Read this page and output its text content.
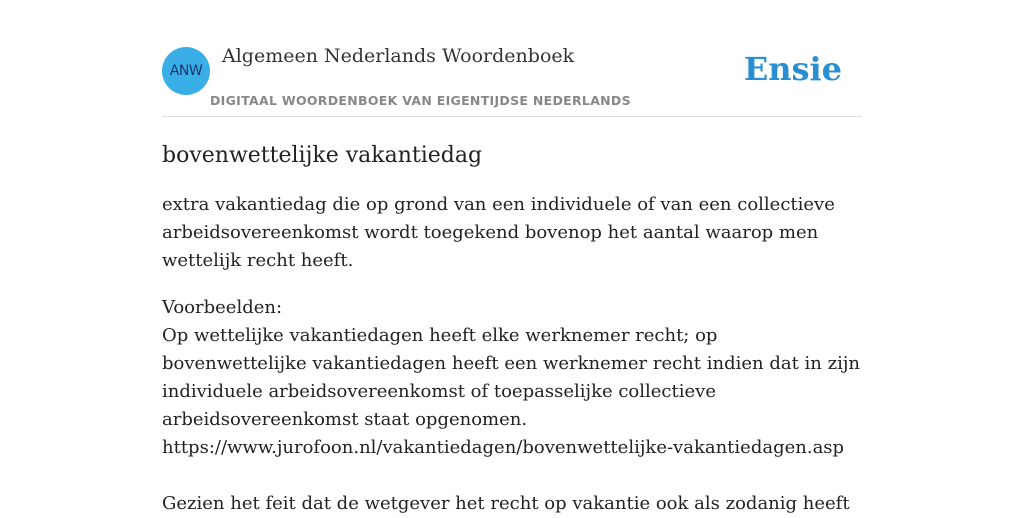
ANW
Algemeen Nederlands Woordenboek
DIGITAAL WOORDENBOEK VAN EIGENTIJDSE NEDERLANDS
Ensie
bovenwettelijke vakantiedag
extra vakantiedag die op grond van een individuele of van een collectieve arbeidsovereenkomst wordt toegekend bovenop het aantal waarop men wettelijk recht heeft.
Voorbeelden:
Op wettelijke vakantiedagen heeft elke werknemer recht; op bovenwettelijke vakantiedagen heeft een werknemer recht indien dat in zijn individuele arbeidsovereenkomst of toepasselijke collectieve arbeidsovereenkomst staat opgenomen.
https://www.jurofoon.nl/vakantiedagen/bovenwettelijke-vakantiedagen.asp
Gezien het feit dat de wetgever het recht op vakantie ook als zodanig heeft
